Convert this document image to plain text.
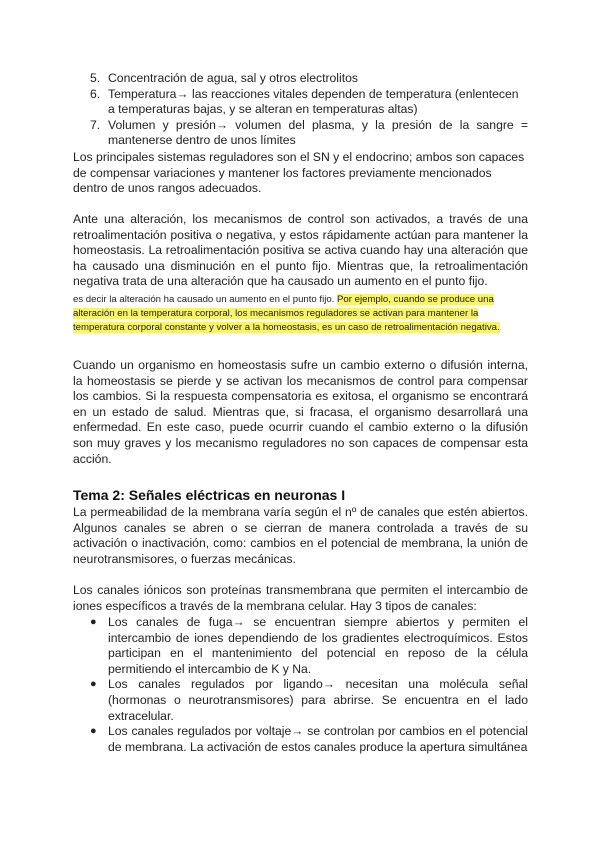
5. Concentración de agua, sal y otros electrolitos
6. Temperatura→ las reacciones vitales dependen de temperatura (enlentecen a temperaturas bajas, y se alteran en temperaturas altas)
7. Volumen y presión→ volumen del plasma, y la presión de la sangre = mantenerse dentro de unos límites

Los principales sistemas reguladores son el SN y el endocrino; ambos son capaces de compensar variaciones y mantener los factores previamente mencionados dentro de unos rangos adecuados.

Ante una alteración, los mecanismos de control son activados, a través de una retroalimentación positiva o negativa, y estos rápidamente actúan para mantener la homeostasis. La retroalimentación positiva se activa cuando hay una alteración que ha causado una disminución en el punto fijo. Mientras que, la retroalimentación negativa trata de una alteración que ha causado un aumento en el punto fijo.

es decir la alteración ha causado un aumento en el punto fijo. Por ejemplo, cuando se produce una alteración en la temperatura corporal, los mecanismos reguladores se activan para mantener la temperatura corporal constante y volver a la homeostasis, es un caso de retroalimentación negativa.

Cuando un organismo en homeostasis sufre un cambio externo o difusión interna, la homeostasis se pierde y se activan los mecanismos de control para compensar los cambios. Si la respuesta compensatoria es exitosa, el organismo se encontrará en un estado de salud. Mientras que, si fracasa, el organismo desarrollará una enfermedad. En este caso, puede ocurrir cuando el cambio externo o la difusión son muy graves y los mecanismo reguladores no son capaces de compensar esta acción.

Tema 2: Señales eléctricas en neuronas I

La permeabilidad de la membrana varía según el nº de canales que estén abiertos. Algunos canales se abren o se cierran de manera controlada a través de su activación o inactivación, como: cambios en el potencial de membrana, la unión de neurotransmisores, o fuerzas mecánicas.

Los canales iónicos son proteínas transmembrana que permiten el intercambio de iones específicos a través de la membrana celular. Hay 3 tipos de canales:

● Los canales de fuga→ se encuentran siempre abiertos y permiten el intercambio de iones dependiendo de los gradientes electroquímicos. Estos participan en el mantenimiento del potencial en reposo de la célula permitiendo el intercambio de K y Na.
● Los canales regulados por ligando→ necesitan una molécula señal (hormonas o neurotransmisores) para abrirse. Se encuentra en el lado extracelular.
● Los canales regulados por voltaje→ se controlan por cambios en el potencial de membrana. La activación de estos canales produce la apertura simultánea
